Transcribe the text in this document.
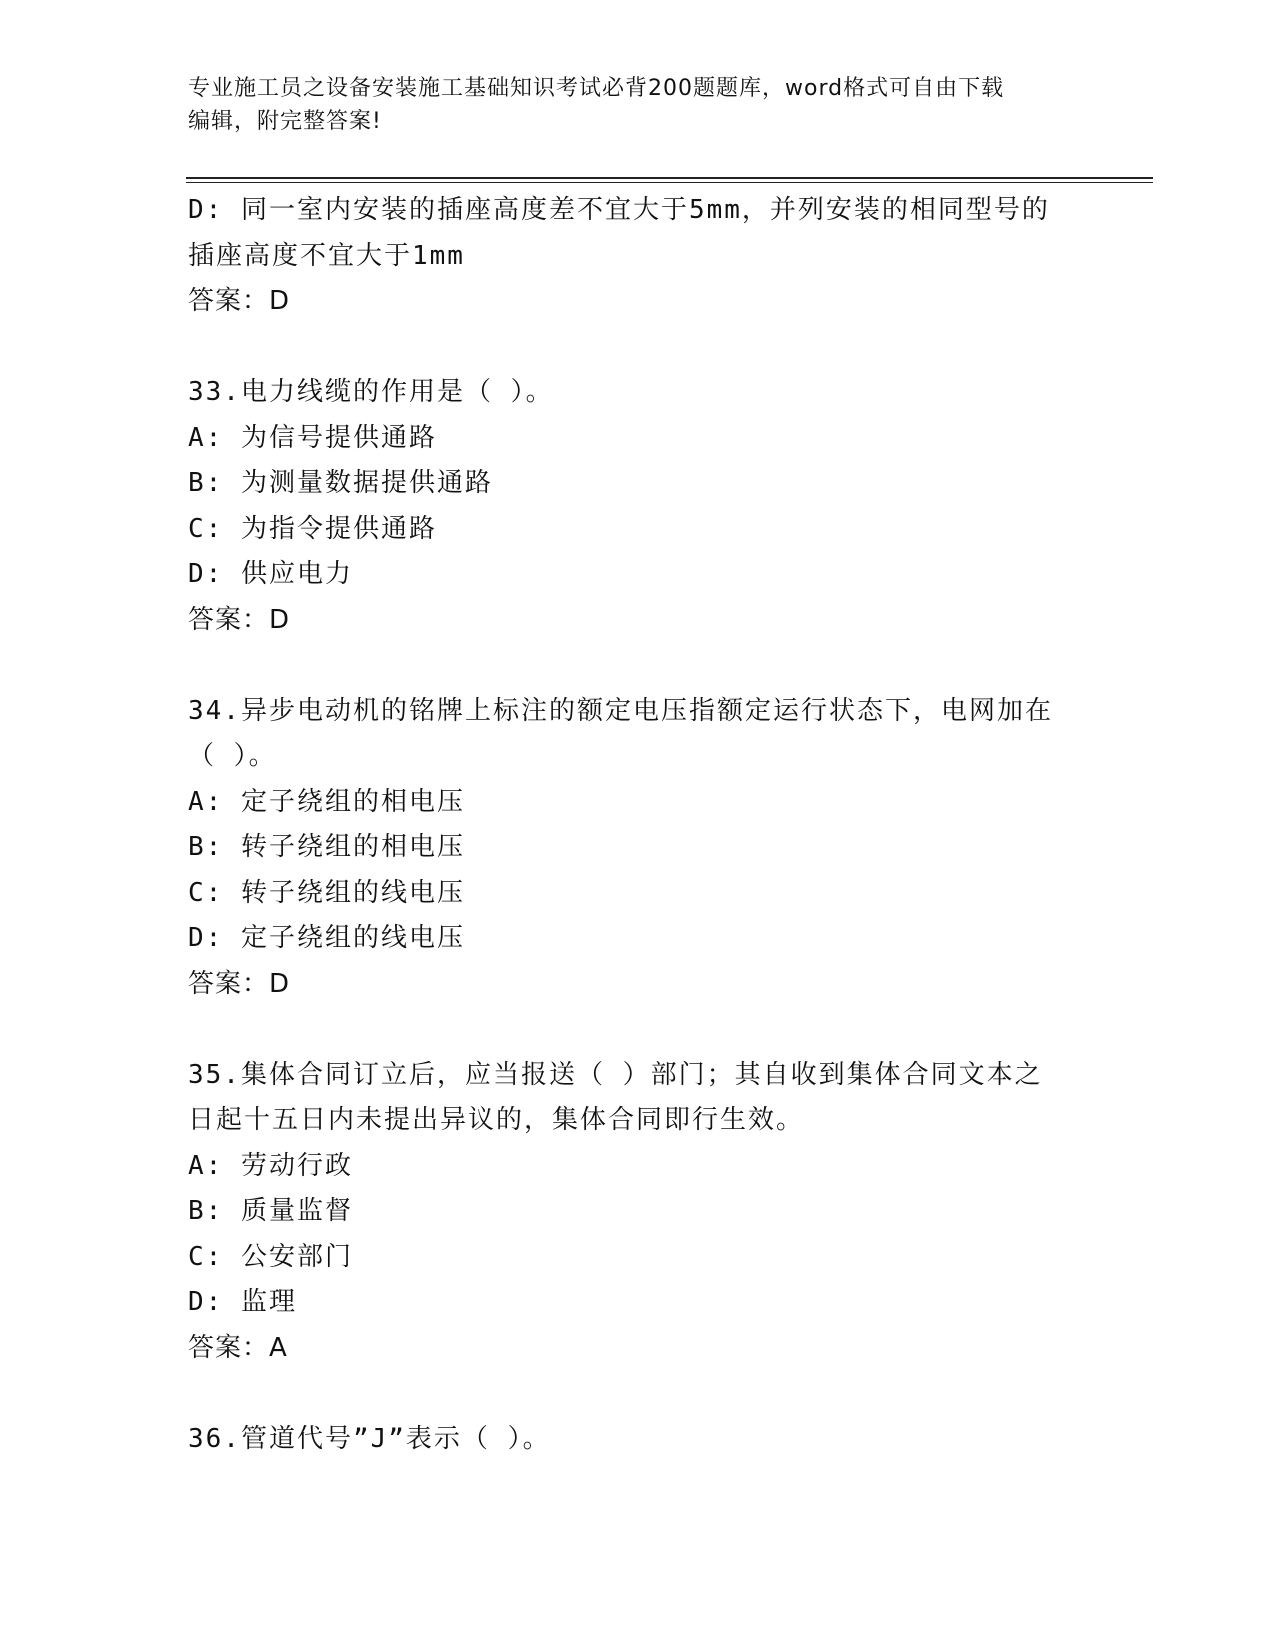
专业施工员之设备安装施工基础知识考试必背200题题库，word格式可自由下载
编辑，附完整答案!
D: 同一室内安装的插座高度差不宜大于5mm，并列安装的相同型号的
插座高度不宜大于1mm
答案：D
33.电力线缆的作用是（ ）。
A: 为信号提供通路
B: 为测量数据提供通路
C: 为指令提供通路
D: 供应电力
答案：D
34.异步电动机的铭牌上标注的额定电压指额定运行状态下，电网加在
（ ）。
A: 定子绕组的相电压
B: 转子绕组的相电压
C: 转子绕组的线电压
D: 定子绕组的线电压
答案：D
35.集体合同订立后，应当报送（ ）部门；其自收到集体合同文本之
日起十五日内未提出异议的，集体合同即行生效。
A: 劳动行政
B: 质量监督
C: 公安部门
D: 监理
答案：A
36.管道代号”J”表示（ ）。
